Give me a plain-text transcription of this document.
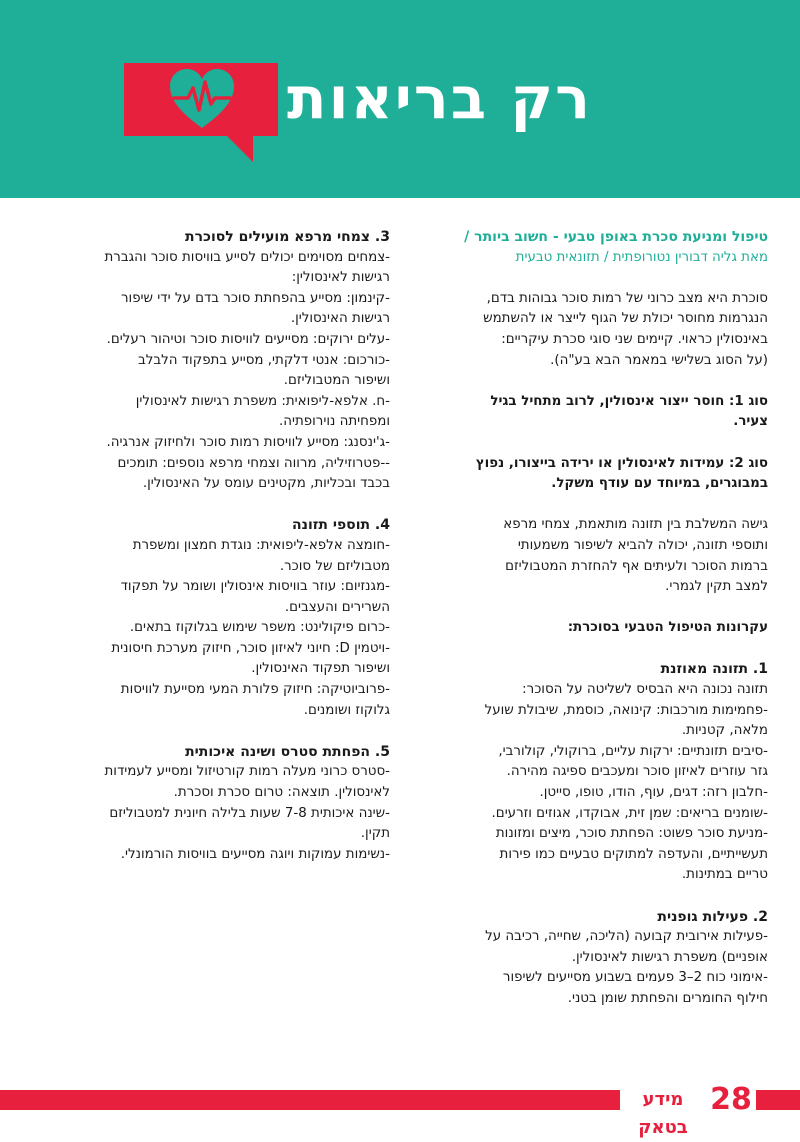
רק בריאות

טיפול ומניעת סכרת באופן טבעי - חשוב ביותר /

מאת גליה דבורין נטורופתית / תזונאית טבעית

סוכרת היא מצב כרוני של רמות סוכר גבוהות בדם,

הנגרמות מחוסר יכולת של הגוף לייצר או להשתמש

באינסולין כראוי. קיימים שני סוגי סכרת עיקריים:

(על הסוג בשלישי במאמר הבא בע"ה).

סוג 1: חוסר ייצור אינסולין, לרוב מתחיל בגיל

צעיר.

סוג 2: עמידות לאינסולין או ירידה בייצורו, נפוץ

במבוגרים, במיוחד עם עודף משקל.

גישה המשלבת בין תזונה מותאמת, צמחי מרפא

ותוספי תזונה, יכולה להביא לשיפור משמעותי

ברמות הסוכר ולעיתים אף להחזרת המטבוליזם

למצב תקין לגמרי.

עקרונות הטיפול הטבעי בסוכרת:

1. תזונה מאוזנת

תזונה נכונה היא הבסיס לשליטה על הסוכר:

-פחמימות מורכבות: קינואה, כוסמת, שיבולת שועל

מלאה, קטניות.

-סיבים תזונתיים: ירקות עליים, ברוקולי, קולורבי,

גזר עוזרים לאיזון סוכר ומעכבים ספיגה מהירה.

-חלבון רזה: דגים, עוף, הודו, טופו, סייטן.

-שומנים בריאים: שמן זית, אבוקדו, אגוזים וזרעים.

-מניעת סוכר פשוט: הפחתת סוכר, מיצים ומזונות

תעשייתיים, והעדפה למתוקים טבעיים כמו פירות

טריים במתינות.

2. פעילות גופנית

-פעילות אירובית קבועה (הליכה, שחייה, רכיבה על

אופניים) משפרת רגישות לאינסולין.

-אימוני כוח 2–3 פעמים בשבוע מסייעים לשיפור

חילוף החומרים והפחתת שומן בטני.

3. צמחי מרפא מועילים לסוכרת

-צמחים מסוימים יכולים לסייע בוויסות סוכר והגברת

רגישות לאינסולין:

-קינמון: מסייע בהפחתת סוכר בדם על ידי שיפור

רגישות האינסולין.

-עלים ירוקים: מסייעים לוויסות סוכר וטיהור רעלים.

-כורכום: אנטי דלקתי, מסייע בתפקוד הלבלב

ושיפור המטבוליזם.

-ח. אלפא-ליפואית: משפרת רגישות לאינסולין

ומפחיתה נוירופתיה.

-ג'ינסנג: מסייע לוויסות רמות סוכר ולחיזוק אנרגיה.

--פטרוזיליה, מרווה וצמחי מרפא נוספים: תומכים

בכבד ובכליות, מקטינים עומס על האינסולין.

4. תוספי תזונה

-חומצה אלפא-ליפואית: נוגדת חמצון ומשפרת

מטבוליזם של סוכר.

-מגנזיום: עוזר בוויסות אינסולין ושומר על תפקוד

השרירים והעצבים.

-כרום פיקולינט: משפר שימוש בגלוקוז בתאים.

-ויטמין D: חיוני לאיזון סוכר, חיזוק מערכת חיסונית

ושיפור תפקוד האינסולין.

-פרוביוטיקה: חיזוק פלורת המעי מסייעת לוויסות

גלוקוז ושומנים.

5. הפחתת סטרס ושינה איכותית

-סטרס כרוני מעלה רמות קורטיזול ומסייע לעמידות

לאינסולין. תוצאה: טרום סכרת וסכרת.

-שינה איכותית 7-8 שעות בלילה חיונית למטבוליזם

תקין.

-נשימות עמוקות ויוגה מסייעים בוויסות הורמונלי.

מידע בטאק
28
